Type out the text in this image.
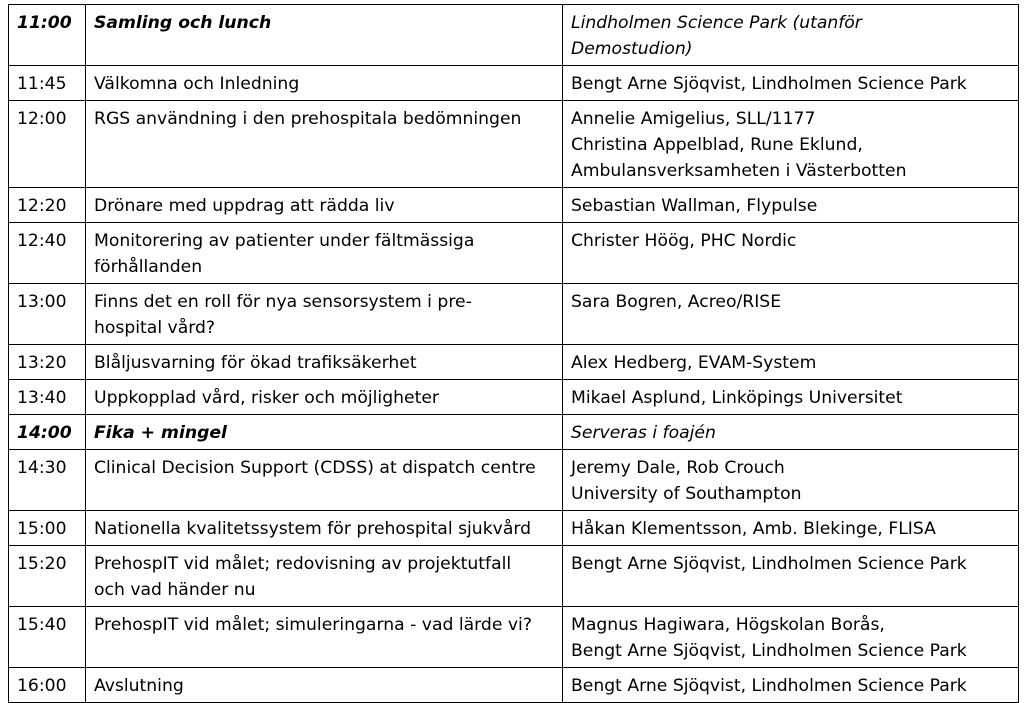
11:00	Samling och lunch	Lindholmen Science Park (utanför
Demostudion)

11:45	Välkomna och Inledning	Bengt Arne Sjöqvist, Lindholmen Science Park

12:00	RGS användning i den prehospitala bedömningen	Annelie Amigelius, SLL/1177
Christina Appelblad, Rune Eklund,
Ambulansverksamheten i Västerbotten

12:20	Drönare med uppdrag att rädda liv	Sebastian Wallman, Flypulse

12:40	Monitorering av patienter under fältmässiga
förhållanden	Christer Höög, PHC Nordic

13:00	Finns det en roll för nya sensorsystem i pre-
hospital vård?	Sara Bogren, Acreo/RISE

13:20	Blåljusvarning för ökad trafiksäkerhet	Alex Hedberg, EVAM-System

13:40	Uppkopplad vård, risker och möjligheter	Mikael Asplund, Linköpings Universitet

14:00	Fika + mingel	Serveras i foajén

14:30	Clinical Decision Support (CDSS) at dispatch centre	Jeremy Dale, Rob Crouch
University of Southampton

15:00	Nationella kvalitetssystem för prehospital sjukvård	Håkan Klementsson, Amb. Blekinge, FLISA

15:20	PrehospIT vid målet; redovisning av projektutfall
och vad händer nu	Bengt Arne Sjöqvist, Lindholmen Science Park

15:40	PrehospIT vid målet; simuleringarna - vad lärde vi?	Magnus Hagiwara, Högskolan Borås,
Bengt Arne Sjöqvist, Lindholmen Science Park

16:00	Avslutning	Bengt Arne Sjöqvist, Lindholmen Science Park
